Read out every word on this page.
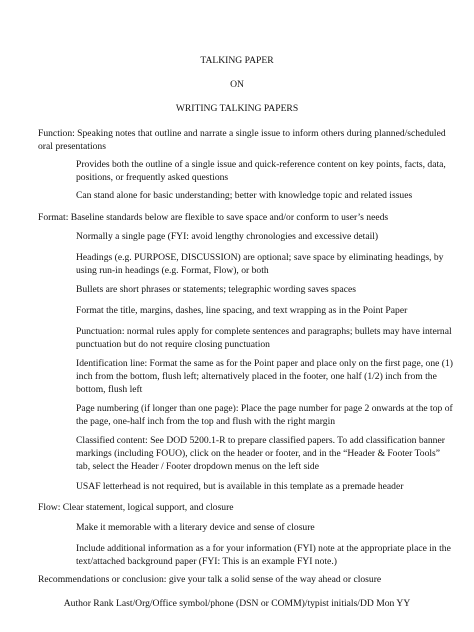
TALKING PAPER
ON
WRITING TALKING PAPERS
Function: Speaking notes that outline and narrate a single issue to inform others during planned/scheduled oral presentations
Provides both the outline of a single issue and quick-reference content on key points, facts, data, positions, or frequently asked questions
Can stand alone for basic understanding; better with knowledge topic and related issues
Format: Baseline standards below are flexible to save space and/or conform to user’s needs
Normally a single page (FYI: avoid lengthy chronologies and excessive detail)
Headings (e.g. PURPOSE, DISCUSSION) are optional; save space by eliminating headings, by using run-in headings (e.g. Format, Flow), or both
Bullets are short phrases or statements; telegraphic wording saves spaces
Format the title, margins, dashes, line spacing, and text wrapping as in the Point Paper
Punctuation: normal rules apply for complete sentences and paragraphs; bullets may have internal punctuation but do not require closing punctuation
Identification line: Format the same as for the Point paper and place only on the first page, one (1) inch from the bottom, flush left; alternatively placed in the footer, one half (1/2) inch from the bottom, flush left
Page numbering (if longer than one page): Place the page number for page 2 onwards at the top of the page, one-half inch from the top and flush with the right margin
Classified content: See DOD 5200.1-R to prepare classified papers. To add classification banner markings (including FOUO), click on the header or footer, and in the “Header & Footer Tools” tab, select the Header / Footer dropdown menus on the left side
USAF letterhead is not required, but is available in this template as a premade header
Flow: Clear statement, logical support, and closure
Make it memorable with a literary device and sense of closure
Include additional information as a for your information (FYI) note at the appropriate place in the text/attached background paper (FYI: This is an example FYI note.)
Recommendations or conclusion: give your talk a solid sense of the way ahead or closure
Author Rank Last/Org/Office symbol/phone (DSN or COMM)/typist initials/DD Mon YY
